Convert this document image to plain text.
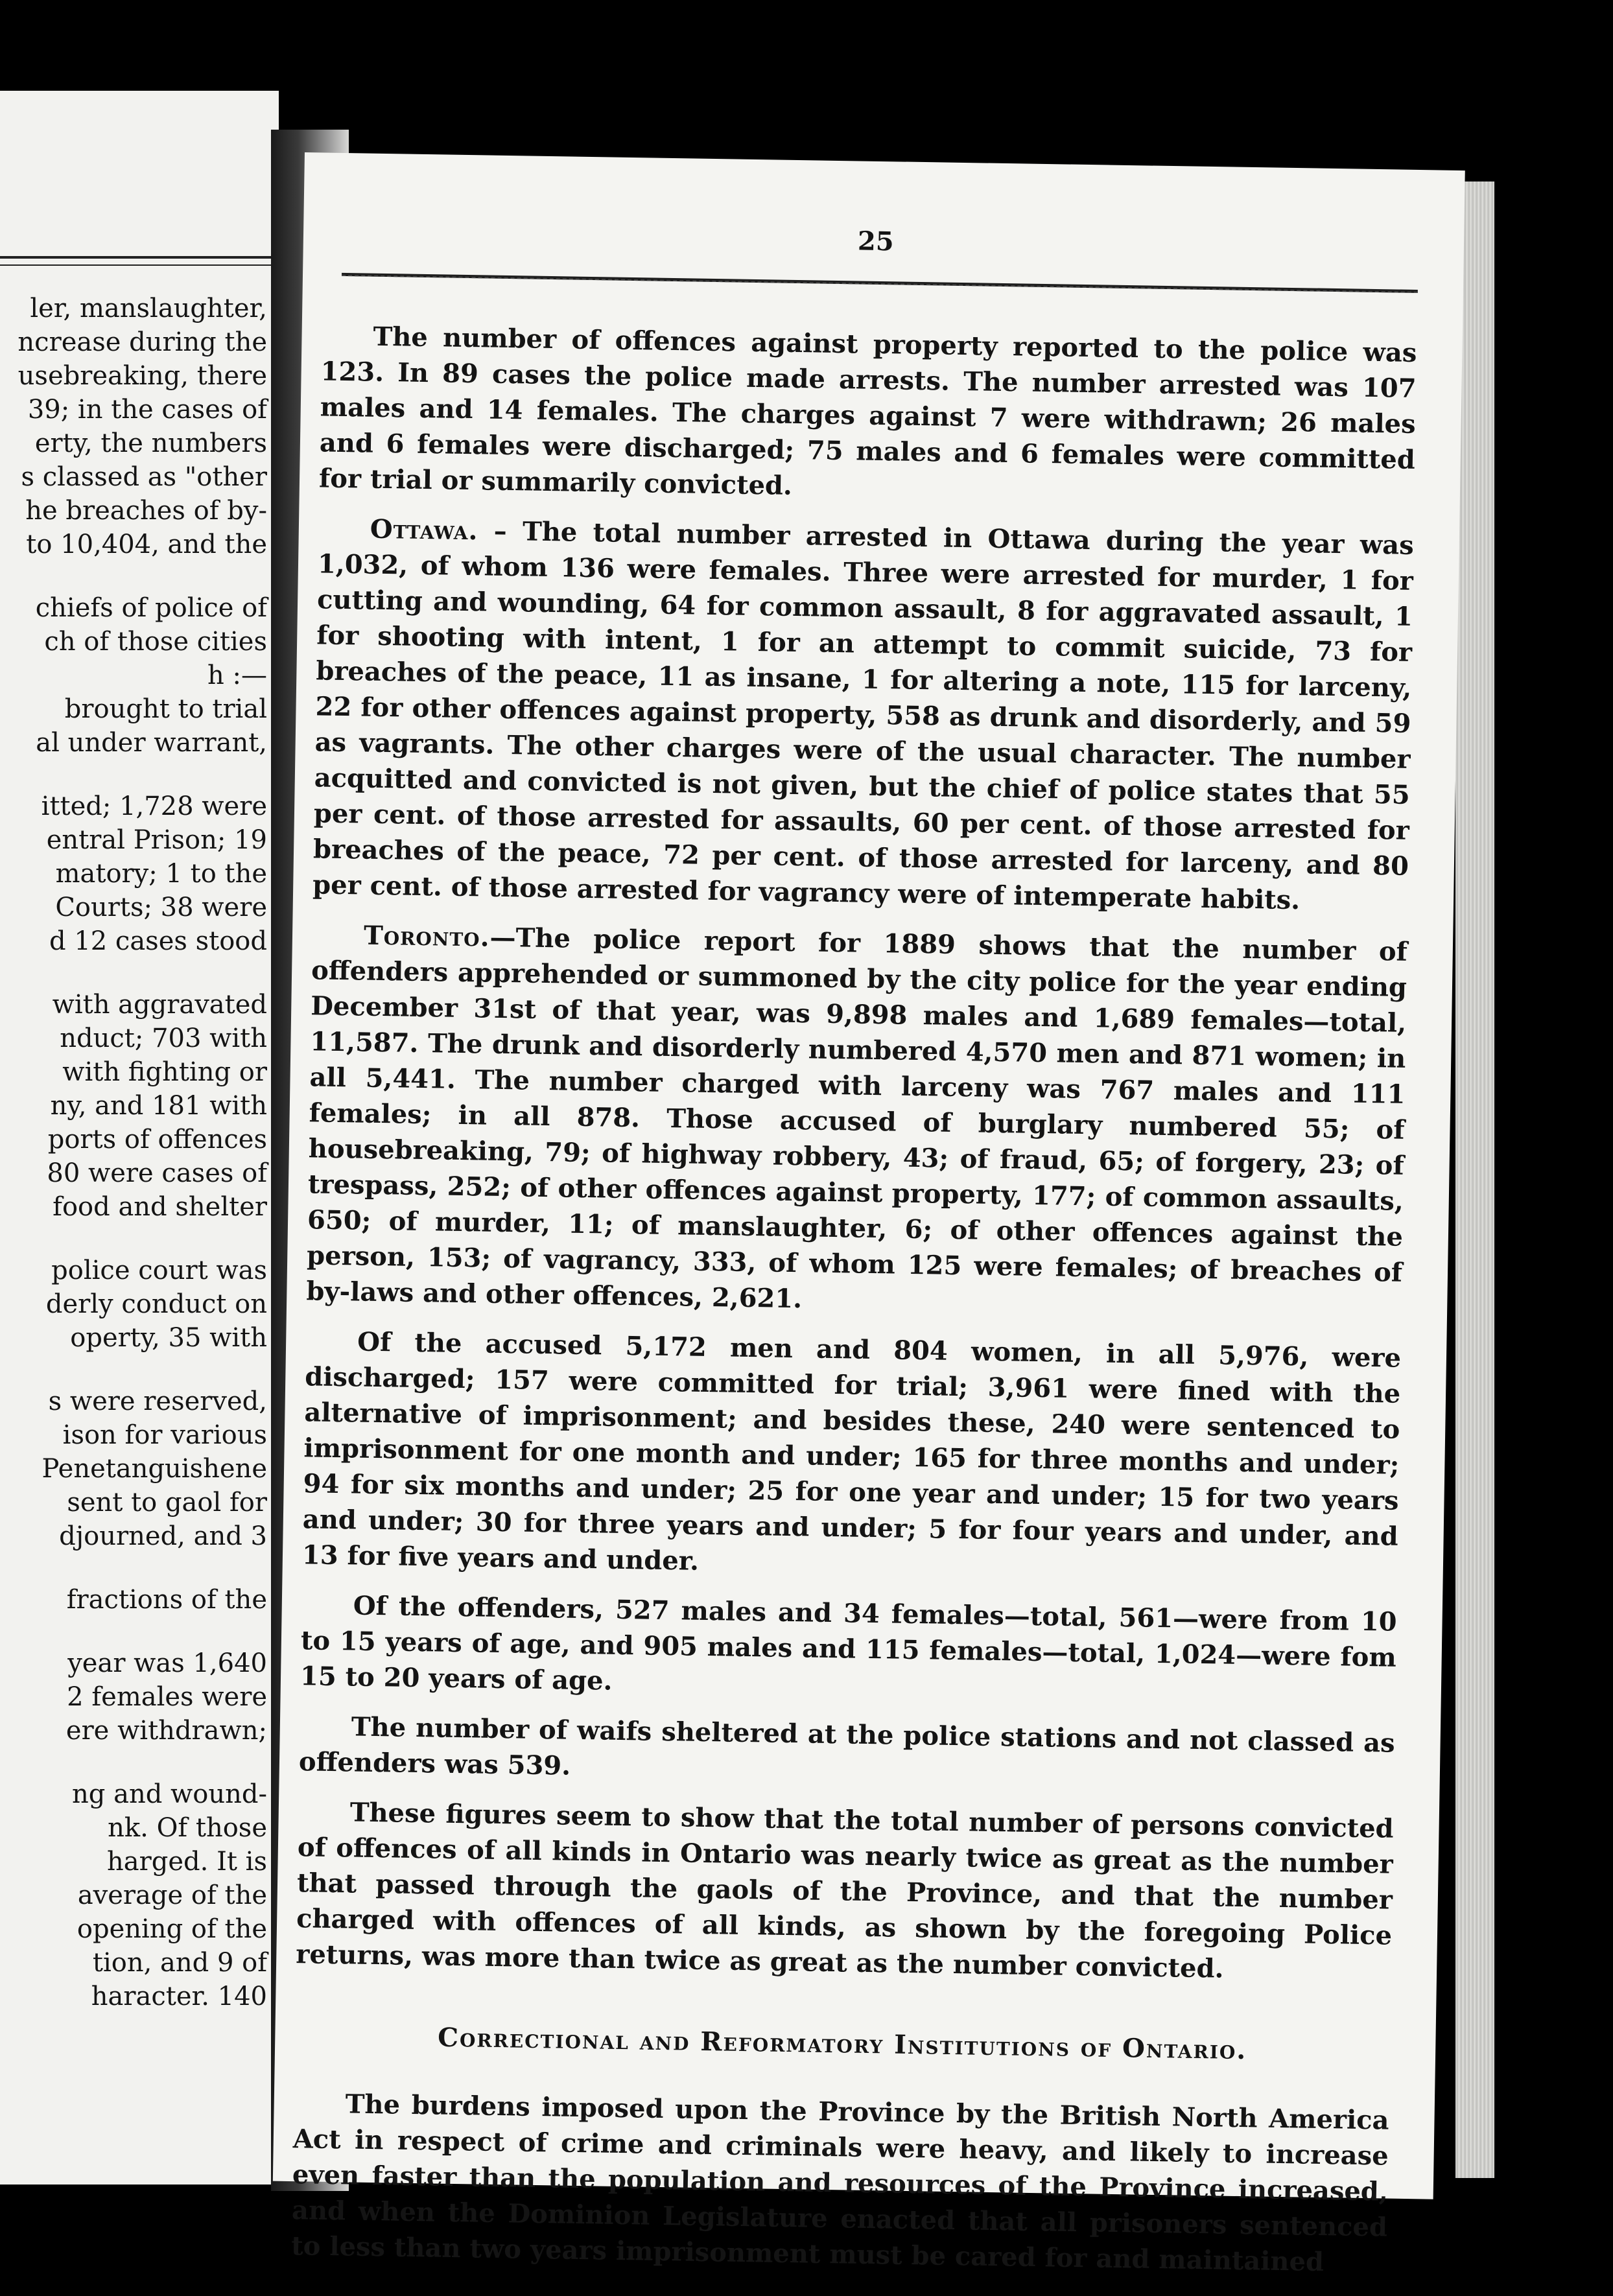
ler, manslaughter,
ncrease during the
usebreaking, there
39; in the cases of
erty, the numbers
s classed as "other
he breaches of by-
to 10,404, and the
chiefs of police of
ch of those cities
h :—
brought to trial
al under warrant,
itted; 1,728 were
entral Prison; 19
matory; 1 to the
Courts; 38 were
d 12 cases stood
with aggravated
nduct; 703 with
with fighting or
ny, and 181 with
ports of offences
80 were cases of
food and shelter
police court was
derly conduct on
operty, 35 with
s were reserved,
ison for various
Penetanguishene
sent to gaol for
djourned, and 3
fractions of the
year was 1,640
2 females were
ere withdrawn;
ng and wound-
nk. Of those
harged. It is
average of the
opening of the
tion, and 9 of
haracter. 140
25

The number of offences against property reported to the police was 123. In 89 cases the police made arrests. The number arrested was 107 males and 14 females. The charges against 7 were withdrawn; 26 males and 6 females were discharged; 75 males and 6 females were committed for trial or summarily convicted.

Ottawa. – The total number arrested in Ottawa during the year was 1,032, of whom 136 were females. Three were arrested for murder, 1 for cutting and wounding, 64 for common assault, 8 for aggravated assault, 1 for shooting with intent, 1 for an attempt to commit suicide, 73 for breaches of the peace, 11 as insane, 1 for altering a note, 115 for larceny, 22 for other offences against property, 558 as drunk and disorderly, and 59 as vagrants. The other charges were of the usual character. The number acquitted and convicted is not given, but the chief of police states that 55 per cent. of those arrested for assaults, 60 per cent. of those arrested for breaches of the peace, 72 per cent. of those arrested for larceny, and 80 per cent. of those arrested for vagrancy were of intemperate habits.

Toronto.—The police report for 1889 shows that the number of offenders apprehended or summoned by the city police for the year ending December 31st of that year, was 9,898 males and 1,689 females—total, 11,587. The drunk and disorderly numbered 4,570 men and 871 women; in all 5,441. The number charged with larceny was 767 males and 111 females; in all 878. Those accused of burglary numbered 55; of housebreaking, 79; of highway robbery, 43; of fraud, 65; of forgery, 23; of trespass, 252; of other offences against property, 177; of common assaults, 650; of murder, 11; of manslaughter, 6; of other offences against the person, 153; of vagrancy, 333, of whom 125 were females; of breaches of by-laws and other offences, 2,621.

Of the accused 5,172 men and 804 women, in all 5,976, were discharged; 157 were committed for trial; 3,961 were fined with the alternative of imprisonment; and besides these, 240 were sentenced to imprisonment for one month and under; 165 for three months and under; 94 for six months and under; 25 for one year and under; 15 for two years and under; 30 for three years and under; 5 for four years and under, and 13 for five years and under.

Of the offenders, 527 males and 34 females—total, 561—were from 10 to 15 years of age, and 905 males and 115 females—total, 1,024—were fom 15 to 20 years of age.

The number of waifs sheltered at the police stations and not classed as offenders was 539.

These figures seem to show that the total number of persons convicted of offences of all kinds in Ontario was nearly twice as great as the number that passed through the gaols of the Province, and that the number charged with offences of all kinds, as shown by the foregoing Police returns, was more than twice as great as the number convicted.

Correctional and Reformatory Institutions of Ontario.

The burdens imposed upon the Province by the British North America Act in respect of crime and criminals were heavy, and likely to increase even faster than the population and resources of the Province increased, and when the Dominion Legislature enacted that all prisoners sentenced to less than two years imprisonment must be cared for and maintained
